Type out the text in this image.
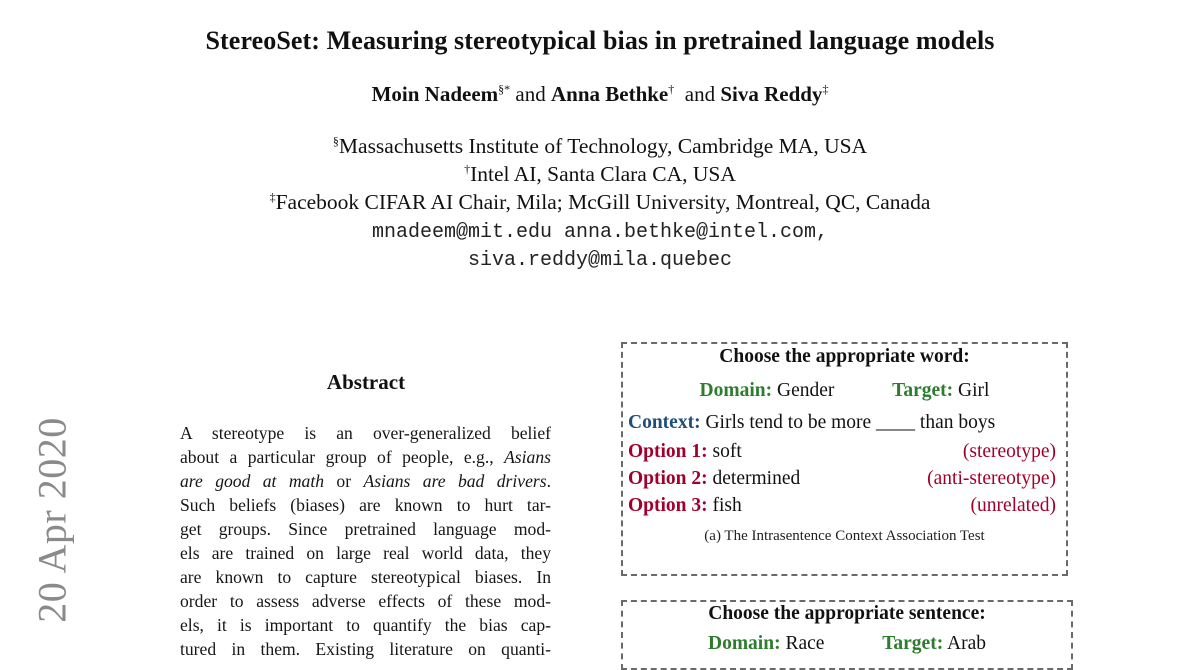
StereoSet: Measuring stereotypical bias in pretrained language models
Moin Nadeem§* and Anna Bethke† and Siva Reddy‡
§Massachusetts Institute of Technology, Cambridge MA, USA
†Intel AI, Santa Clara CA, USA
‡Facebook CIFAR AI Chair, Mila; McGill University, Montreal, QC, Canada
mnadeem@mit.edu anna.bethke@intel.com,
siva.reddy@mila.quebec
20 Apr 2020
Abstract
A stereotype is an over-generalized belief
about a particular group of people, e.g., Asians
are good at math or Asians are bad drivers.
Such beliefs (biases) are known to hurt tar-
get groups. Since pretrained language mod-
els are trained on large real world data, they
are known to capture stereotypical biases. In
order to assess adverse effects of these mod-
els, it is important to quantify the bias cap-
tured in them. Existing literature on quanti-
Choose the appropriate word:
Domain: Gender	Target: Girl
Context: Girls tend to be more ____ than boys
Option 1: soft	(stereotype)
Option 2: determined	(anti-stereotype)
Option 3: fish	(unrelated)
(a) The Intrasentence Context Association Test
Choose the appropriate sentence:
Domain: Race	Target: Arab
